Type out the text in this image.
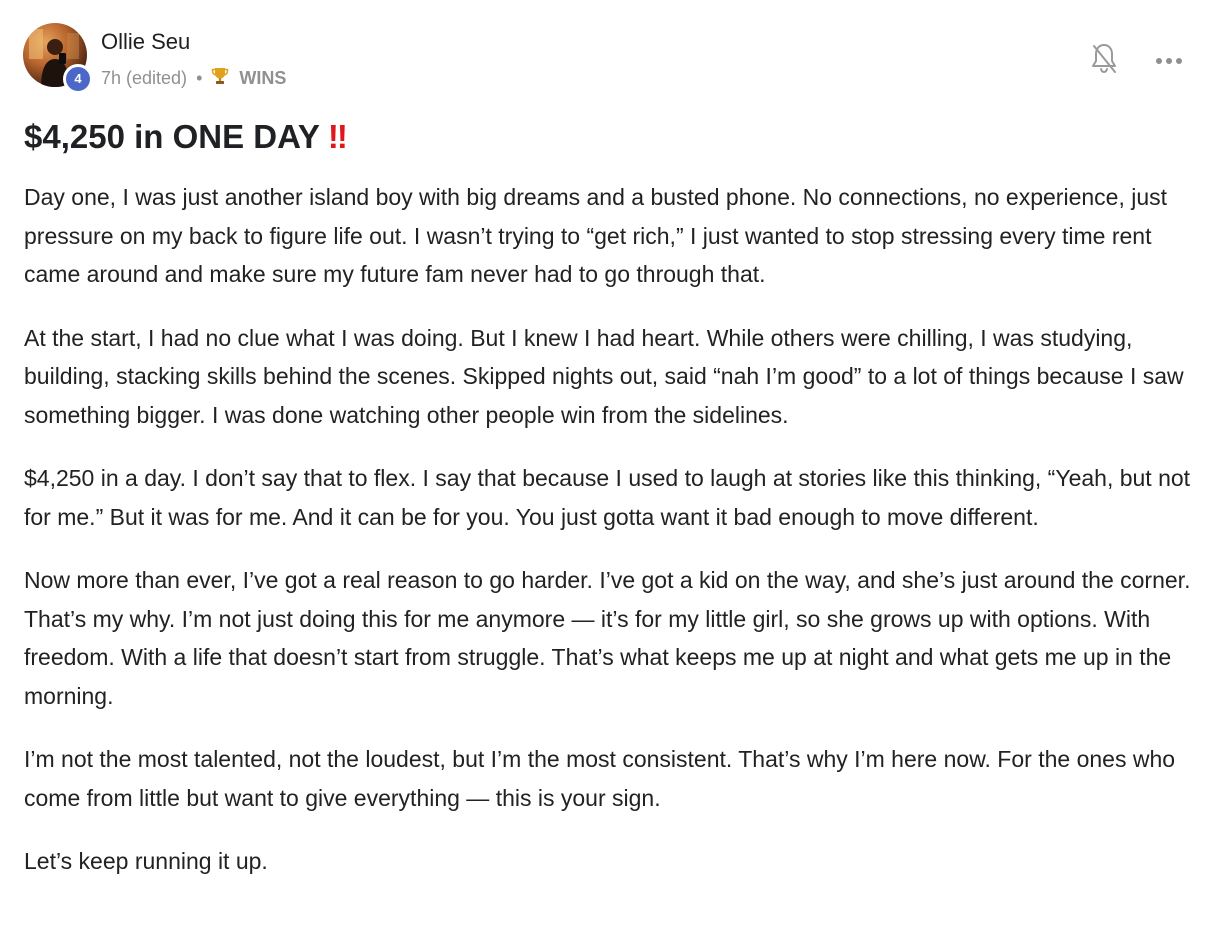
4
Ollie Seu
7h (edited) • WINS
$4,250 in ONE DAY !!

Day one, I was just another island boy with big dreams and a busted phone. No connections, no experience, just pressure on my back to figure life out. I wasn’t trying to “get rich,” I just wanted to stop stressing every time rent came around and make sure my future fam never had to go through that.

At the start, I had no clue what I was doing. But I knew I had heart. While others were chilling, I was studying, building, stacking skills behind the scenes. Skipped nights out, said “nah I’m good” to a lot of things because I saw something bigger. I was done watching other people win from the sidelines.

$4,250 in a day. I don’t say that to flex. I say that because I used to laugh at stories like this thinking, “Yeah, but not for me.” But it was for me. And it can be for you. You just gotta want it bad enough to move different.

Now more than ever, I’ve got a real reason to go harder. I’ve got a kid on the way, and she’s just around the corner. That’s my why. I’m not just doing this for me anymore — it’s for my little girl, so she grows up with options. With freedom. With a life that doesn’t start from struggle. That’s what keeps me up at night and what gets me up in the morning.

I’m not the most talented, not the loudest, but I’m the most consistent. That’s why I’m here now. For the ones who come from little but want to give everything — this is your sign.

Let’s keep running it up.
